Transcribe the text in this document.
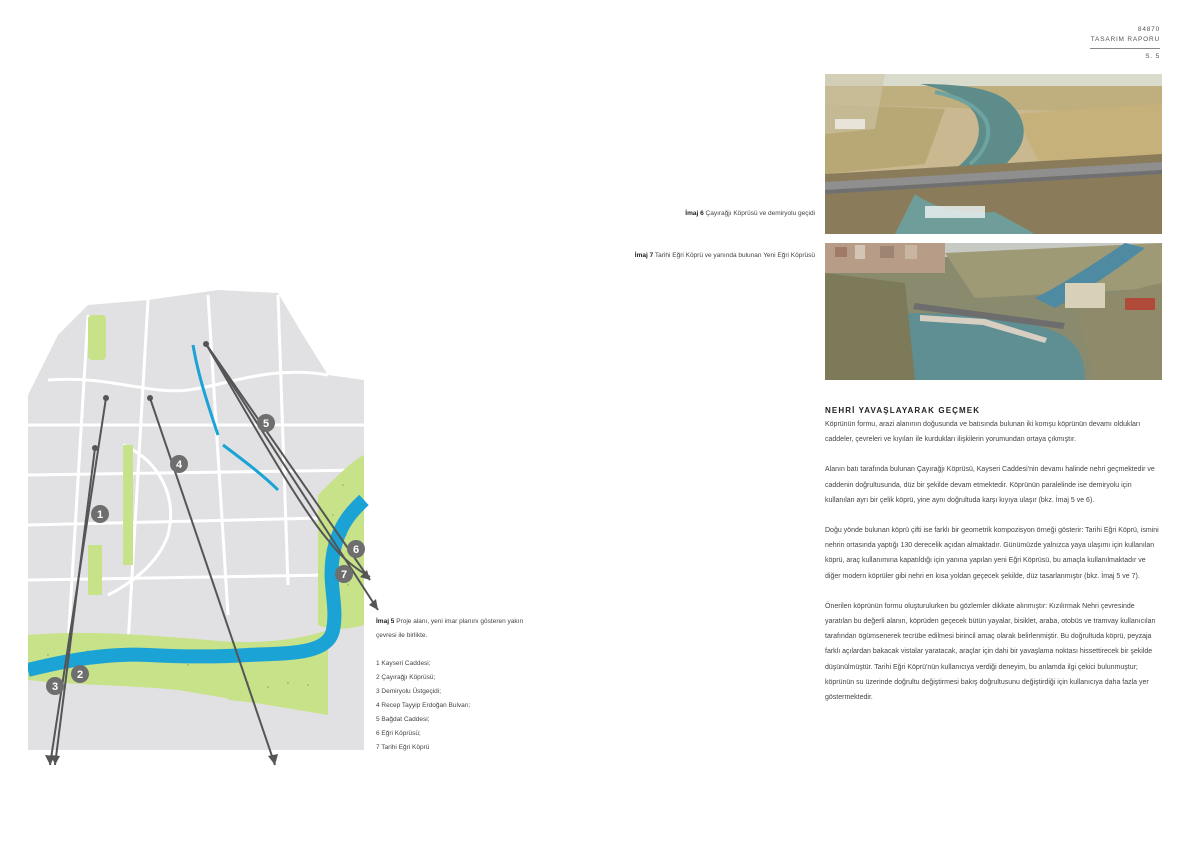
84870
TASARIM RAPORU
S. 5
İmaj 6 Çayırağjı Köprüsü ve demiryolu geçidi
İmaj 7 Tarihi Eğri Köprü ve yanında bulunan Yeni Eğri Köprüsü
1
2
3
4
5
6
7
İmaj 5 Proje alanı, yeni imar planını gösteren yakın çevresi ile birlikte.
1 Kayseri Caddesi;
2 Çayırağjı Köprüsü;
3 Demiryolu Üstgeçidi;
4 Recep Tayyip Erdoğan Bulvarı;
5 Bağdat Caddesi;
6 Eğri Köprüsü;
7 Tarihi Eğri Köprü
NEHRİ YAVAŞLAYARAK GEÇMEK

Köprünün formu, arazi alanının doğusunda ve batısında bulunan iki komşu köprünün devamı oldukları caddeler, çevreleri ve kıyıları ile kurdukları ilişkilerin yorumundan ortaya çıkmıştır.

Alanın batı tarafında bulunan Çayırağjı Köprüsü, Kayseri Caddesi'nin devamı halinde nehri geçmektedir ve caddenin doğrultusunda, düz bir şekilde devam etmektedir. Köprünün paralelinde ise demiryolu için kullanılan ayrı bir çelik köprü, yine aynı doğrultuda karşı kıyıya ulaşır (bkz. İmaj 5 ve 6).

Doğu yönde bulunan köprü çifti ise farklı bir geometrik kompozisyon örneği gösterir: Tarihi Eğri Köprü, ismini nehrin ortasında yaptığı 130 derecelik açıdan almaktadır. Günümüzde yalnızca yaya ulaşımı için kullanılan köprü, araç kullanımına kapatıldığı için yanına yapılan yeni Eğri Köprüsü, bu amaçla kullanılmaktadır ve diğer modern köprüler gibi nehri en kısa yoldan geçecek şekilde, düz tasarlanmıştır (bkz. İmaj 5 ve 7).

Önerilen köprünün formu oluşturulurken bu gözlemler dikkate alınmıştır: Kızılırmak Nehri çevresinde yaratılan bu değerli alanın, köprüden geçecek bütün yayalar, bisiklet, araba, otobüs ve tramvay kullanıcıları tarafından ögümsenerek tecrübe edilmesi birincil amaç olarak belirlenmiştir. Bu doğrultuda köprü, peyzaja farklı açılardan bakacak vistalar yaratacak, araçlar için dahi bir yavaşlama noktası hissettirecek bir şekilde düşünülmüştür. Tarihi Eğri Köprü'nün kullanıcıya verdiği deneyim, bu anlamda ilgi çekici bulunmuştur; köprünün su üzerinde doğrultu değiştirmesi bakış doğrultusunu değiştirdiği için kullanıcıya daha fazla yer göstermektedir.
